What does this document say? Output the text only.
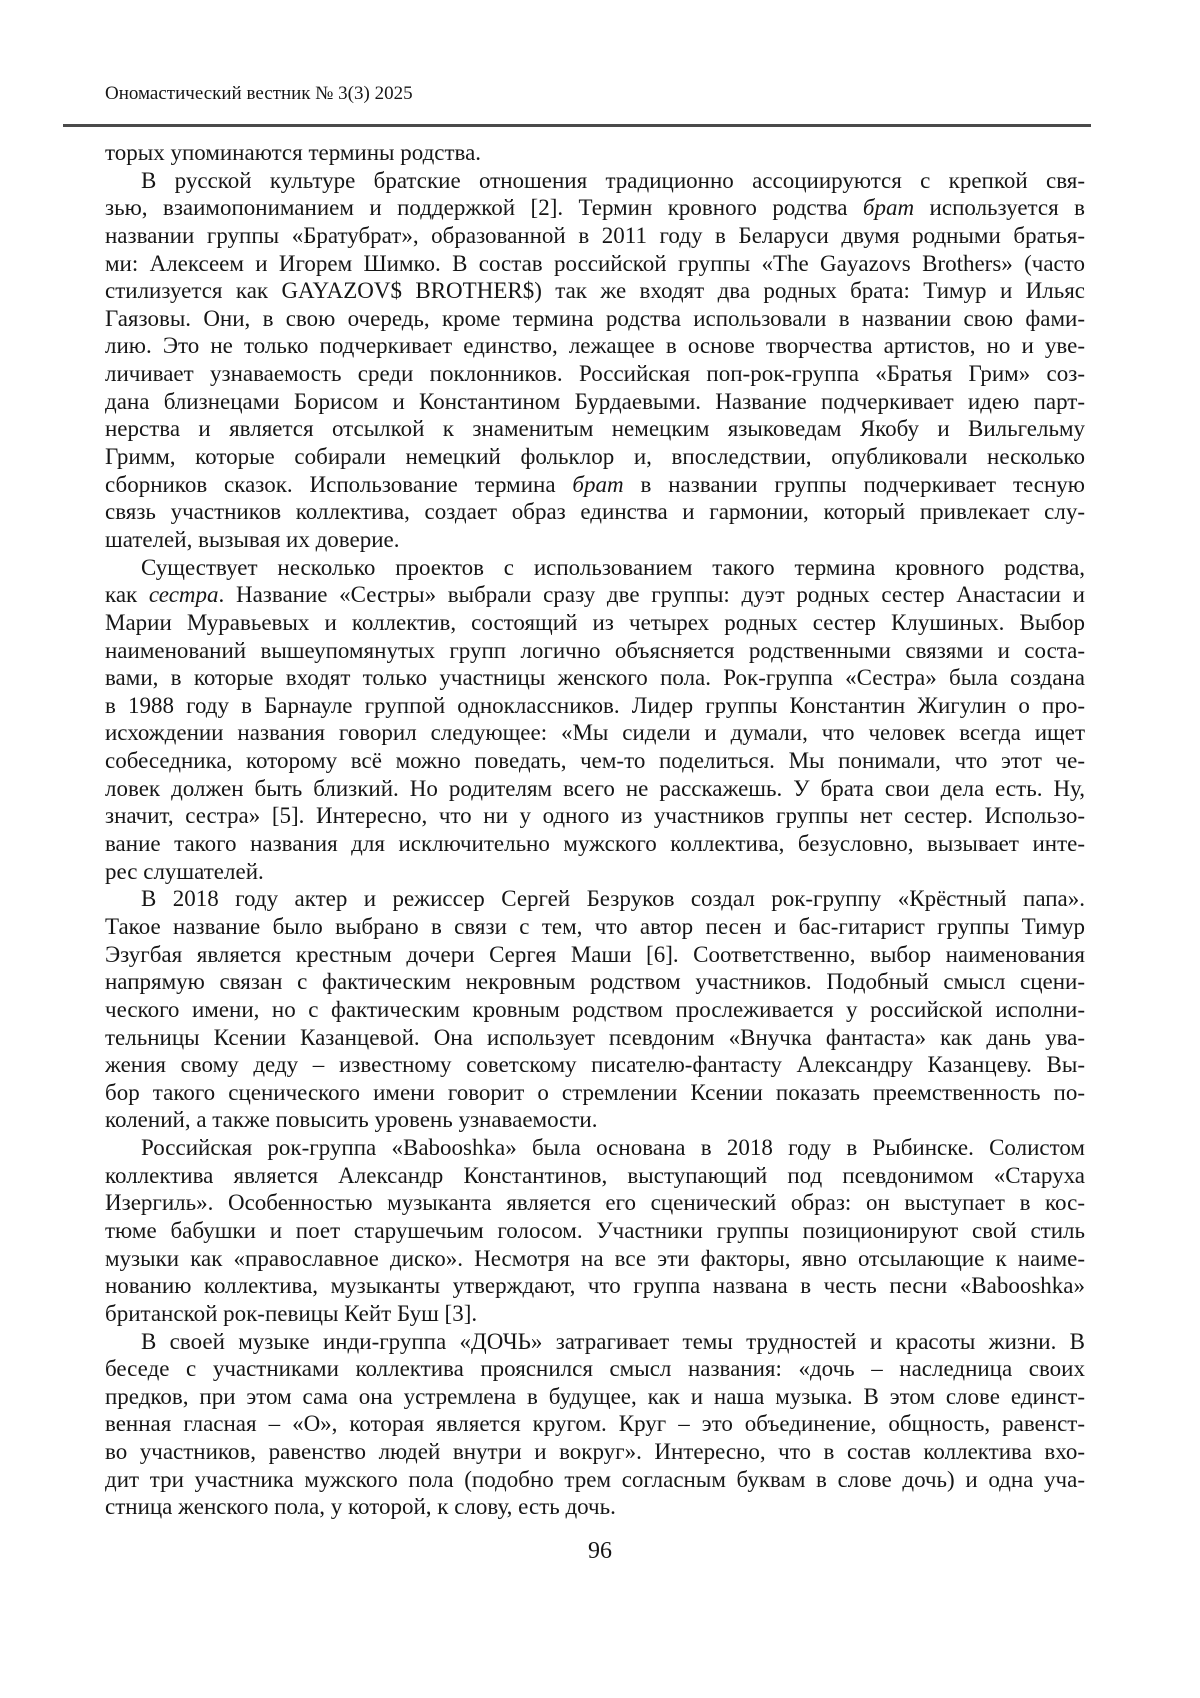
Ономастический вестник № 3(3) 2025
торых упоминаются термины родства.
В русской культуре братские отношения традиционно ассоциируются с крепкой свя-
зью, взаимопониманием и поддержкой [2]. Термин кровного родства брат используется в
названии группы «Братубрат», образованной в 2011 году в Беларуси двумя родными братья-
ми: Алексеем и Игорем Шимко. В состав российской группы «The Gayazovs Brothers» (часто
стилизуется как GAYAZOV$ BROTHER$) так же входят два родных брата: Тимур и Ильяс
Гаязовы. Они, в свою очередь, кроме термина родства использовали в названии свою фами-
лию. Это не только подчеркивает единство, лежащее в основе творчества артистов, но и уве-
личивает узнаваемость среди поклонников. Российская поп-рок-группа «Братья Грим» соз-
дана близнецами Борисом и Константином Бурдаевыми. Название подчеркивает идею парт-
нерства и является отсылкой к знаменитым немецким языковедам Якобу и Вильгельму
Гримм, которые собирали немецкий фольклор и, впоследствии, опубликовали несколько
сборников сказок. Использование термина брат в названии группы подчеркивает тесную
связь участников коллектива, создает образ единства и гармонии, который привлекает слу-
шателей, вызывая их доверие.
Существует несколько проектов с использованием такого термина кровного родства,
как сестра. Название «Сестры» выбрали сразу две группы: дуэт родных сестер Анастасии и
Марии Муравьевых и коллектив, состоящий из четырех родных сестер Клушиных. Выбор
наименований вышеупомянутых групп логично объясняется родственными связями и соста-
вами, в которые входят только участницы женского пола. Рок-группа «Сестра» была создана
в 1988 году в Барнауле группой одноклассников. Лидер группы Константин Жигулин о про-
исхождении названия говорил следующее: «Мы сидели и думали, что человек всегда ищет
собеседника, которому всё можно поведать, чем-то поделиться. Мы понимали, что этот че-
ловек должен быть близкий. Но родителям всего не расскажешь. У брата свои дела есть. Ну,
значит, сестра» [5]. Интересно, что ни у одного из участников группы нет сестер. Использо-
вание такого названия для исключительно мужского коллектива, безусловно, вызывает инте-
рес слушателей.
В 2018 году актер и режиссер Сергей Безруков создал рок-группу «Крёстный папа».
Такое название было выбрано в связи с тем, что автор песен и бас-гитарист группы Тимур
Эзугбая является крестным дочери Сергея Маши [6]. Соответственно, выбор наименования
напрямую связан с фактическим некровным родством участников. Подобный смысл сцени-
ческого имени, но с фактическим кровным родством прослеживается у российской исполни-
тельницы Ксении Казанцевой. Она использует псевдоним «Внучка фантаста» как дань ува-
жения свому деду – известному советскому писателю-фантасту Александру Казанцеву. Вы-
бор такого сценического имени говорит о стремлении Ксении показать преемственность по-
колений, а также повысить уровень узнаваемости.
Российская рок-группа «Babooshka» была основана в 2018 году в Рыбинске. Солистом
коллектива является Александр Константинов, выступающий под псевдонимом «Старуха
Изергиль». Особенностью музыканта является его сценический образ: он выступает в кос-
тюме бабушки и поет старушечьим голосом. Участники группы позиционируют свой стиль
музыки как «православное диско». Несмотря на все эти факторы, явно отсылающие к наиме-
нованию коллектива, музыканты утверждают, что группа названа в честь песни «Babooshka»
британской рок-певицы Кейт Буш [3].
В своей музыке инди-группа «ДОЧЬ» затрагивает темы трудностей и красоты жизни. В
беседе с участниками коллектива прояснился смысл названия: «дочь – наследница своих
предков, при этом сама она устремлена в будущее, как и наша музыка. В этом слове единст-
венная гласная – «О», которая является кругом. Круг – это объединение, общность, равенст-
во участников, равенство людей внутри и вокруг». Интересно, что в состав коллектива вхо-
дит три участника мужского пола (подобно трем согласным буквам в слове дочь) и одна уча-
стница женского пола, у которой, к слову, есть дочь.
96
